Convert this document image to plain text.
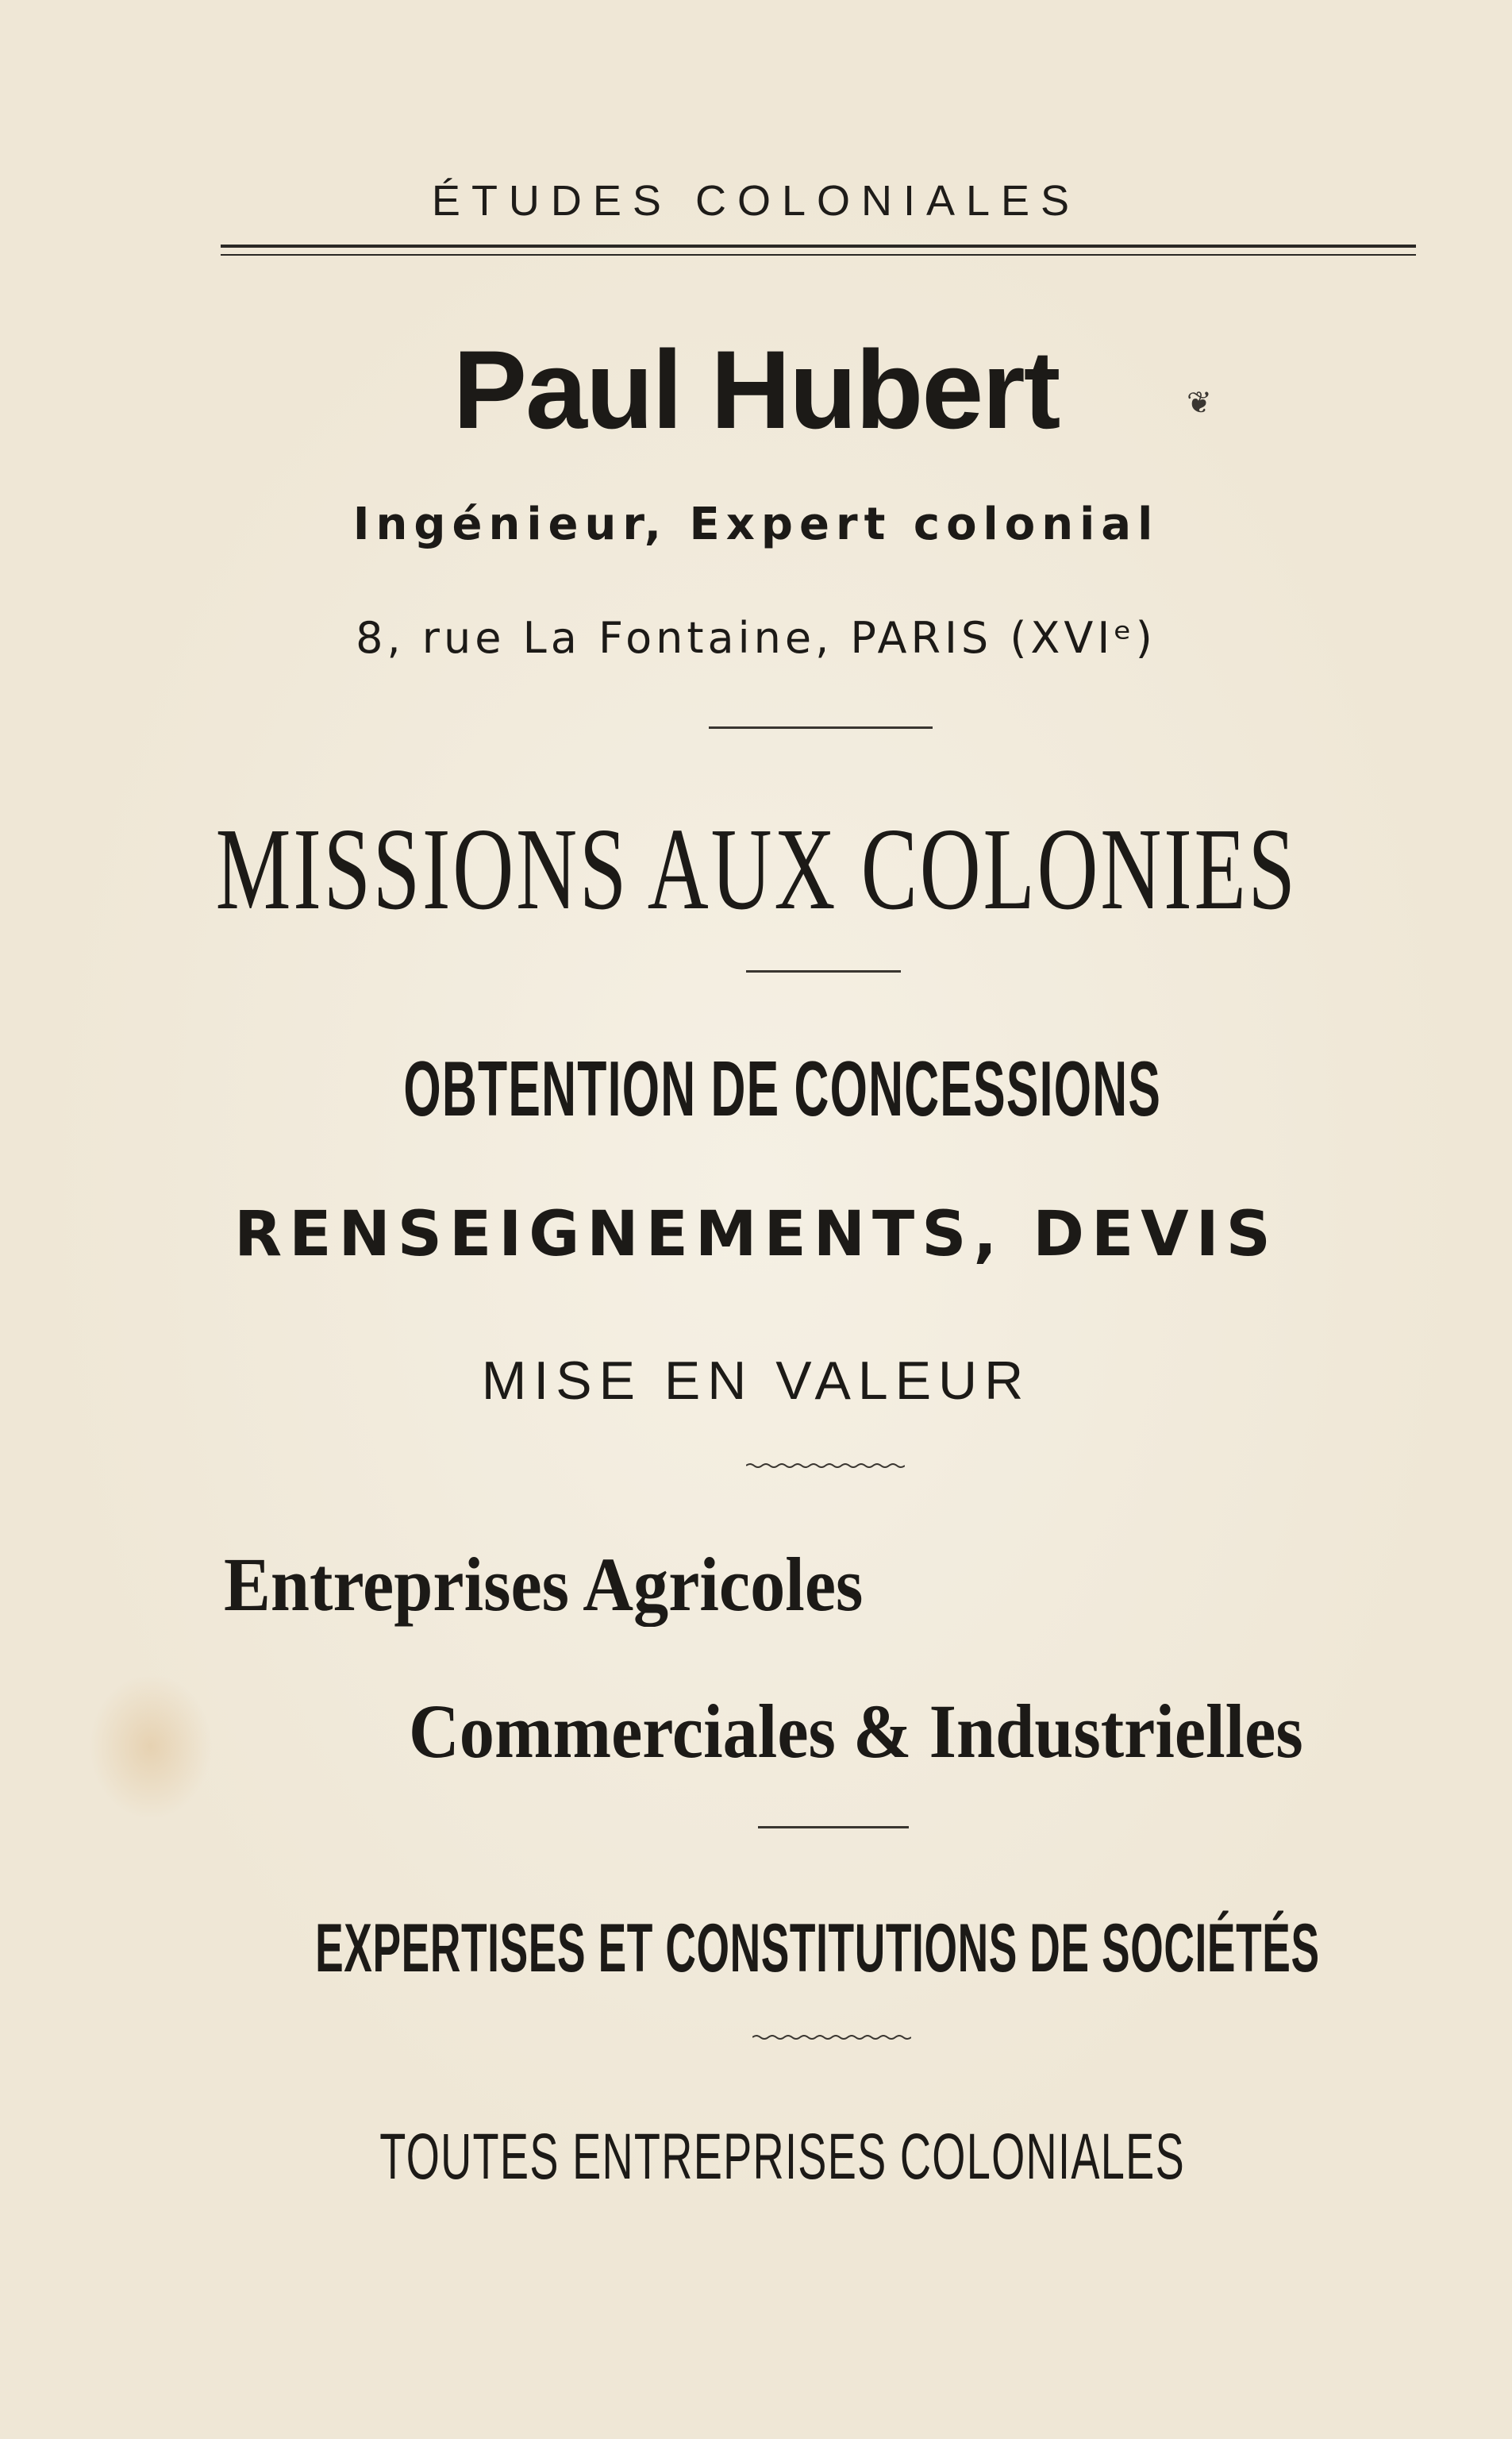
ÉTUDES COLONIALES
Paul Hubert	❦
Ingénieur, Expert colonial
8, rue La Fontaine, PARIS (XVIᵉ)
MISSIONS AUX COLONIES
OBTENTION DE CONCESSIONS
RENSEIGNEMENTS, DEVIS
MISE EN VALEUR
Entreprises Agricoles
Commerciales & Industrielles
EXPERTISES ET CONSTITUTIONS DE SOCIÉTÉS
TOUTES ENTREPRISES COLONIALES
